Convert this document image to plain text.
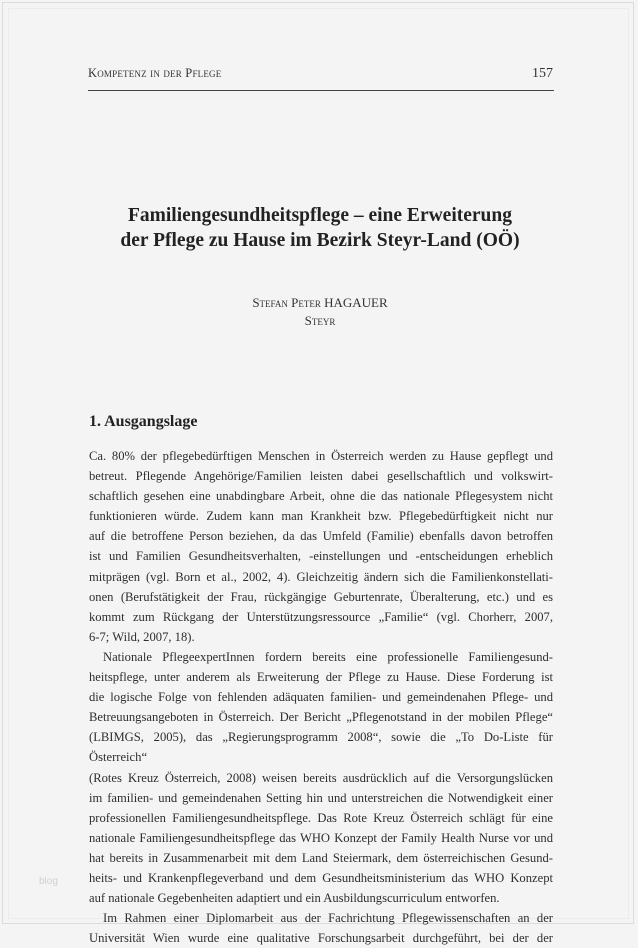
Kompetenz in der Pflege	157
Familiengesundheitspflege – eine Erweiterung
der Pflege zu Hause im Bezirk Steyr-Land (OÖ)
Stefan Peter HAGAUER
Steyr
1. Ausgangslage

Ca. 80% der pflegebedürftigen Menschen in Österreich werden zu Hause gepflegt und
betreut. Pflegende Angehörige/Familien leisten dabei gesellschaftlich und volkswirt-
schaftlich gesehen eine unabdingbare Arbeit, ohne die das nationale Pflegesystem nicht
funktionieren würde. Zudem kann man Krankheit bzw. Pflegebedürftigkeit nicht nur
auf die betroffene Person beziehen, da das Umfeld (Familie) ebenfalls davon betroffen
ist und Familien Gesundheitsverhalten, -einstellungen und -entscheidungen erheblich
mitprägen (vgl. Born et al., 2002, 4). Gleichzeitig ändern sich die Familienkonstellati-
onen (Berufstätigkeit der Frau, rückgängige Geburtenrate, Überalterung, etc.) und es
kommt zum Rückgang der Unterstützungsressource „Familie“ (vgl. Chorherr, 2007,
6-7; Wild, 2007, 18).

Nationale PflegeexpertInnen fordern bereits eine professionelle Familiengesund-
heitspflege, unter anderem als Erweiterung der Pflege zu Hause. Diese Forderung ist
die logische Folge von fehlenden adäquaten familien- und gemeindenahen Pflege- und
Betreuungsangeboten in Österreich. Der Bericht „Pflegenotstand in der mobilen Pflege“
(LBIMGS, 2005), das „Regierungsprogramm 2008“, sowie die „To Do-Liste für Österreich“
(Rotes Kreuz Österreich, 2008) weisen bereits ausdrücklich auf die Versorgungslücken
im familien- und gemeindenahen Setting hin und unterstreichen die Notwendigkeit einer
professionellen Familiengesundheitspflege. Das Rote Kreuz Österreich schlägt für eine
nationale Familiengesundheitspflege das WHO Konzept der Family Health Nurse vor und
hat bereits in Zusammenarbeit mit dem Land Steiermark, dem österreichischen Gesund-
heits- und Krankenpflegeverband und dem Gesundheitsministerium das WHO Konzept
auf nationale Gegebenheiten adaptiert und ein Ausbildungscurriculum entworfen.

Im Rahmen einer Diplomarbeit aus der Fachrichtung Pflegewissenschaften an der
Universität Wien wurde eine qualitative Forschungsarbeit durchgeführt, bei der der

blog
